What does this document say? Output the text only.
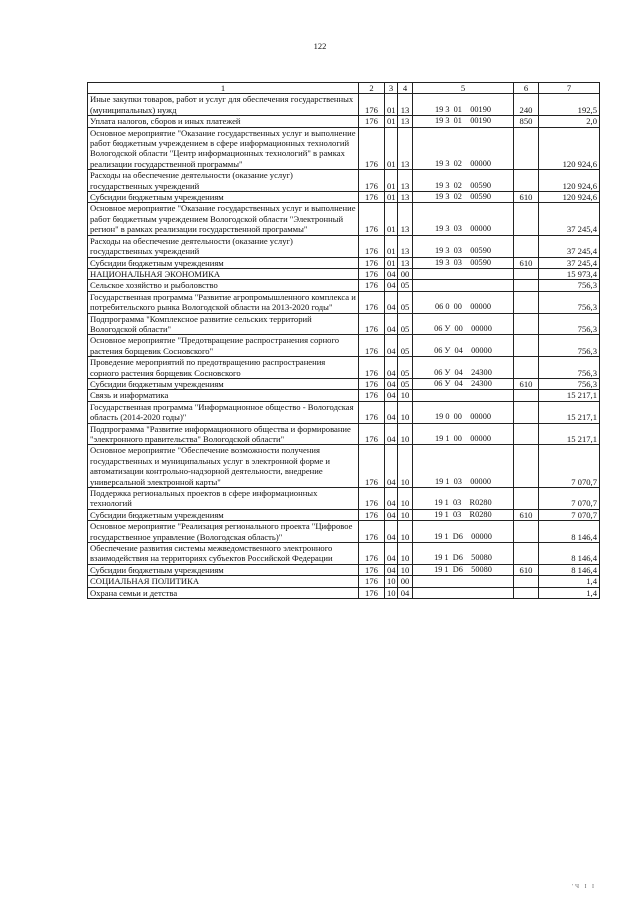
122
1	2	3	4	5	6	7
Иные закупки товаров, работ и услуг для обеспечения государственных (муниципальных) нужд	176	01	13	19 3  01    00190	240	192,5
Уплата налогов, сборов и иных платежей	176	01	13	19 3  01    00190	850	2,0
Основное мероприятие "Оказание государственных услуг и выполнение работ бюджетным учреждением в сфере информационных технологий Вологодской области "Центр информационных технологий" в рамках реализации государственной программы"	176	01	13	19 3  02    00000		120 924,6
Расходы на обеспечение деятельности (оказание услуг) государственных учреждений	176	01	13	19 3  02    00590		120 924,6
Субсидии бюджетным учреждениям	176	01	13	19 3  02    00590	610	120 924,6
Основное мероприятие "Оказание государственных услуг и выполнение работ бюджетным учреждением Вологодской области "Электронный регион" в рамках реализации государственной программы"	176	01	13	19 3  03    00000		37 245,4
Расходы на обеспечение деятельности (оказание услуг) государственных учреждений	176	01	13	19 3  03    00590		37 245,4
Субсидии бюджетным учреждениям	176	01	13	19 3  03    00590	610	37 245,4
НАЦИОНАЛЬНАЯ ЭКОНОМИКА	176	04	00			15 973,4
Сельское хозяйство и рыболовство	176	04	05			756,3
Государственная программа "Развитие агропромышленного комплекса и потребительского рынка Вологодской области на 2013-2020 годы"	176	04	05	06 0  00    00000		756,3
Подпрограмма "Комплексное развитие сельских территорий Вологодской области"	176	04	05	06 У  00    00000		756,3
Основное мероприятие "Предотвращение распространения сорного растения борщевик Сосновского"	176	04	05	06 У  04    00000		756,3
Проведение мероприятий по предотвращению распространения сорного растения борщевик Сосновского	176	04	05	06 У  04    24300		756,3
Субсидии бюджетным учреждениям	176	04	05	06 У  04    24300	610	756,3
Связь и информатика	176	04	10			15 217,1
Государственная программа "Информационное общество - Вологодская область (2014-2020 годы)"	176	04	10	19 0  00    00000		15 217,1
Подпрограмма "Развитие информационного общества и формирование "электронного правительства" Вологодской области"	176	04	10	19 1  00    00000		15 217,1
Основное мероприятие "Обеспечение возможности получения государственных и муниципальных услуг в электронной форме и автоматизации контрольно-надзорной деятельности, внедрение универсальной электронной карты"	176	04	10	19 1  03    00000		7 070,7
Поддержка региональных проектов в сфере информационных технологий	176	04	10	19 1  03    R0280		7 070,7
Субсидии бюджетным учреждениям	176	04	10	19 1  03    R0280	610	7 070,7
Основное мероприятие "Реализация регионального проекта "Цифровое государственное управление (Вологодская область)"	176	04	10	19 1  D6    00000		8 146,4
Обеспечение развития системы межведомственного электронного взаимодействия на территориях субъектов Российской Федерации	176	04	10	19 1  D6    50080		8 146,4
Субсидии бюджетным учреждениям	176	04	10	19 1  D6    50080	610	8 146,4
СОЦИАЛЬНАЯ ПОЛИТИКА	176	10	00			1,4
Охрана семьи и детства	176	10	04			1,4
'Ч I I
